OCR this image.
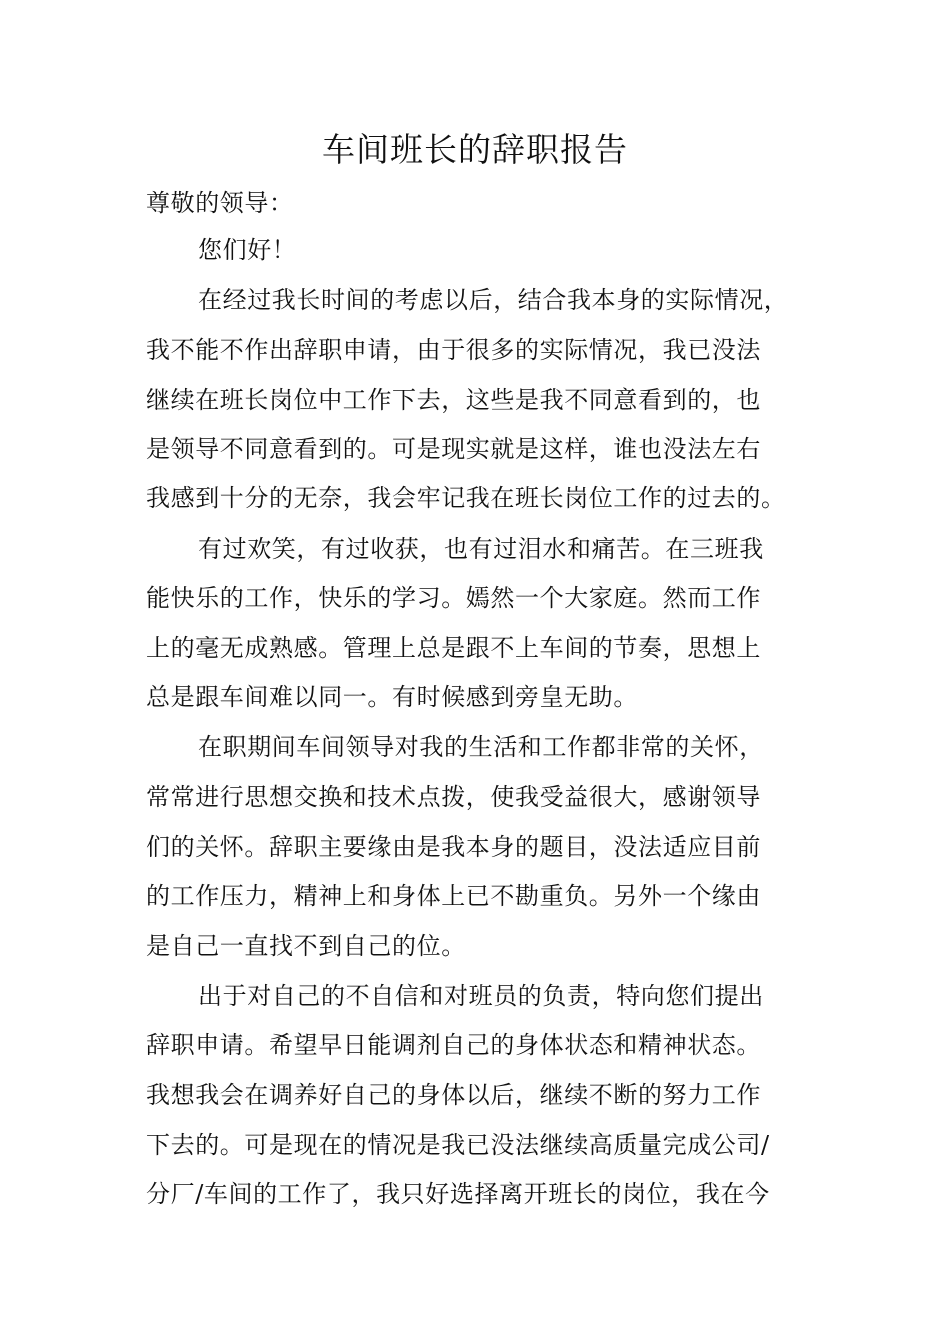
车间班长的辞职报告
尊敬的领导：
您们好！
在经过我长时间的考虑以后，结合我本身的实际情况，
我不能不作出辞职申请，由于很多的实际情况，我已没法
继续在班长岗位中工作下去，这些是我不同意看到的，也
是领导不同意看到的。可是现实就是这样，谁也没法左右
我感到十分的无奈，我会牢记我在班长岗位工作的过去的。
有过欢笑，有过收获，也有过泪水和痛苦。在三班我
能快乐的工作，快乐的学习。嫣然一个大家庭。然而工作
上的毫无成熟感。管理上总是跟不上车间的节奏，思想上
总是跟车间难以同一。有时候感到旁皇无助。
在职期间车间领导对我的生活和工作都非常的关怀，
常常进行思想交换和技术点拨，使我受益很大，感谢领导
们的关怀。辞职主要缘由是我本身的题目，没法适应目前
的工作压力，精神上和身体上已不勘重负。另外一个缘由
是自己一直找不到自己的位。
出于对自己的不自信和对班员的负责，特向您们提出
辞职申请。希望早日能调剂自己的身体状态和精神状态。
我想我会在调养好自己的身体以后，继续不断的努力工作
下去的。可是现在的情况是我已没法继续高质量完成公司/
分厂/车间的工作了，我只好选择离开班长的岗位，我在今
